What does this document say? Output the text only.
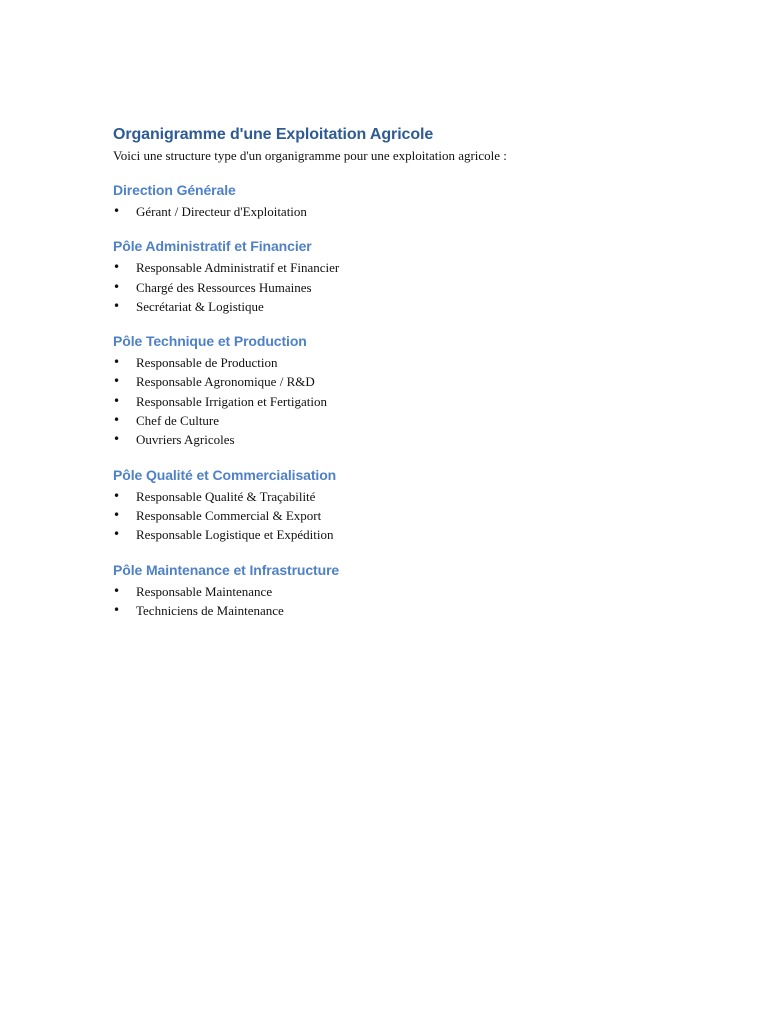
Organigramme d'une Exploitation Agricole

Voici une structure type d'un organigramme pour une exploitation agricole :

Direction Générale
• Gérant / Directeur d'Exploitation
Pôle Administratif et Financier
• Responsable Administratif et Financier
• Chargé des Ressources Humaines
• Secrétariat & Logistique
Pôle Technique et Production
• Responsable de Production
• Responsable Agronomique / R&D
• Responsable Irrigation et Fertigation
• Chef de Culture
• Ouvriers Agricoles
Pôle Qualité et Commercialisation
• Responsable Qualité & Traçabilité
• Responsable Commercial & Export
• Responsable Logistique et Expédition
Pôle Maintenance et Infrastructure
• Responsable Maintenance
• Techniciens de Maintenance
